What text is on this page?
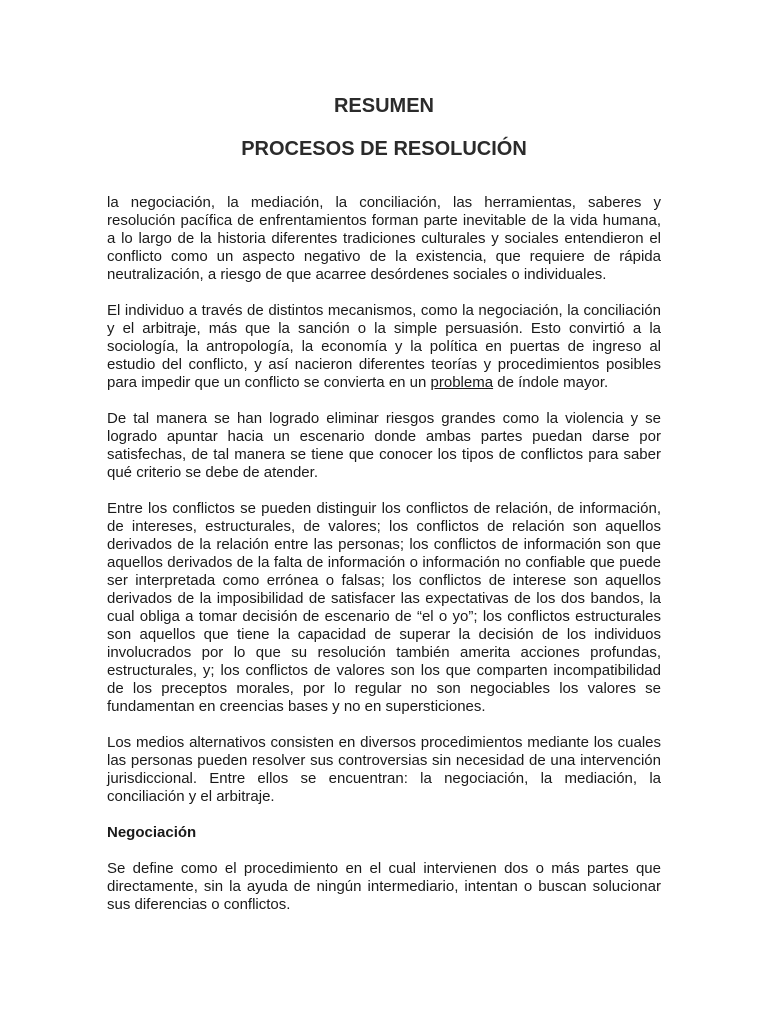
RESUMEN
PROCESOS DE RESOLUCIÓN

la negociación, la mediación, la conciliación, las herramientas, saberes y resolución pacífica de enfrentamientos forman parte inevitable de la vida humana, a lo largo de la historia diferentes tradiciones culturales y sociales entendieron el conflicto como un aspecto negativo de la existencia, que requiere de rápida neutralización, a riesgo de que acarree desórdenes sociales o individuales.

El individuo a través de distintos mecanismos, como la negociación, la conciliación y el arbitraje, más que la sanción o la simple persuasión. Esto convirtió a la sociología, la antropología, la economía y la política en puertas de ingreso al estudio del conflicto, y así nacieron diferentes teorías y procedimientos posibles para impedir que un conflicto se convierta en un problema de índole mayor.

De tal manera se han logrado eliminar riesgos grandes como la violencia y se logrado apuntar hacia un escenario donde ambas partes puedan darse por satisfechas, de tal manera se tiene que conocer los tipos de conflictos para saber qué criterio se debe de atender.

Entre los conflictos se pueden distinguir los conflictos de relación, de información, de intereses, estructurales, de valores; los conflictos de relación son aquellos derivados de la relación entre las personas; los conflictos de información son que aquellos derivados de la falta de información o información no confiable que puede ser interpretada como errónea o falsas; los conflictos de interese son aquellos derivados de la imposibilidad de satisfacer las expectativas de los dos bandos, la cual obliga a tomar decisión de escenario de “el o yo”; los conflictos estructurales son aquellos que tiene la capacidad de superar la decisión de los individuos involucrados por lo que su resolución también amerita acciones profundas, estructurales, y; los conflictos de valores son los que comparten incompatibilidad de los preceptos morales, por lo regular no son negociables los valores se fundamentan en creencias bases y no en supersticiones.

Los medios alternativos consisten en diversos procedimientos mediante los cuales las personas pueden resolver sus controversias sin necesidad de una intervención jurisdiccional. Entre ellos se encuentran: la negociación, la mediación, la conciliación y el arbitraje.

Negociación

Se define como el procedimiento en el cual intervienen dos o más partes que directamente, sin la ayuda de ningún intermediario, intentan o buscan solucionar sus diferencias o conflictos.
